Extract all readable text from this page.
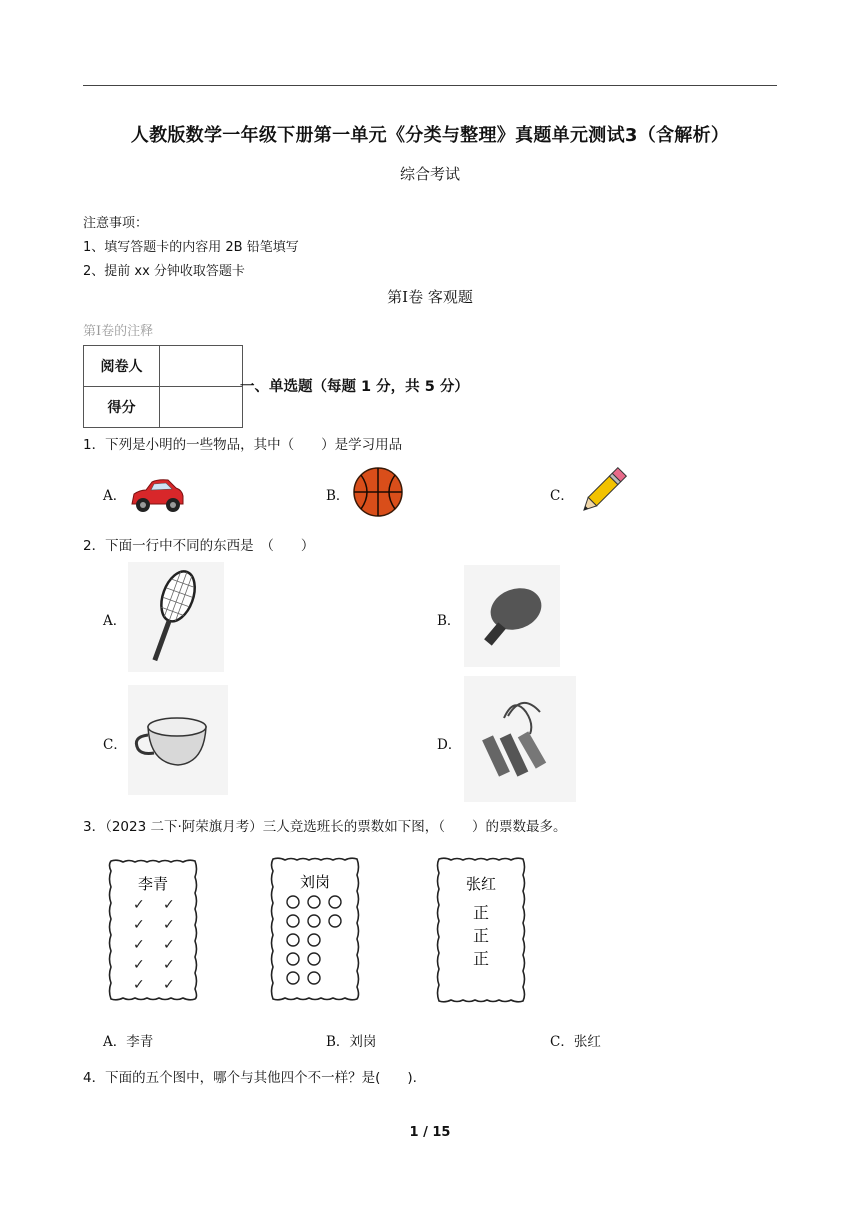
人教版数学一年级下册第一单元《分类与整理》真题单元测试3（含解析）
综合考试
注意事项：
1、填写答题卡的内容用 2B 铅笔填写
2、提前 xx 分钟收取答题卡
第Ⅰ卷 客观题
第Ⅰ卷的注释
阅卷人	
得分	
一、单选题（每题 1 分，共 5 分）
1．下列是小明的一些物品，其中（　　）是学习用品
A．	B．	C．
2．下面一行中不同的东西是　（　　）
A．	B．
C．	D．
3．（2023 二下·阿荣旗月考）三人竞选班长的票数如下图，（　　）的票数最多。
李青
✓ ✓
✓ ✓
✓ ✓
✓ ✓
✓ ✓
刘岗	张红
正
正
正
A．李青	B．刘岗	C．张红
4．下面的五个图中，哪个与其他四个不一样？是(　　).
1 / 15
